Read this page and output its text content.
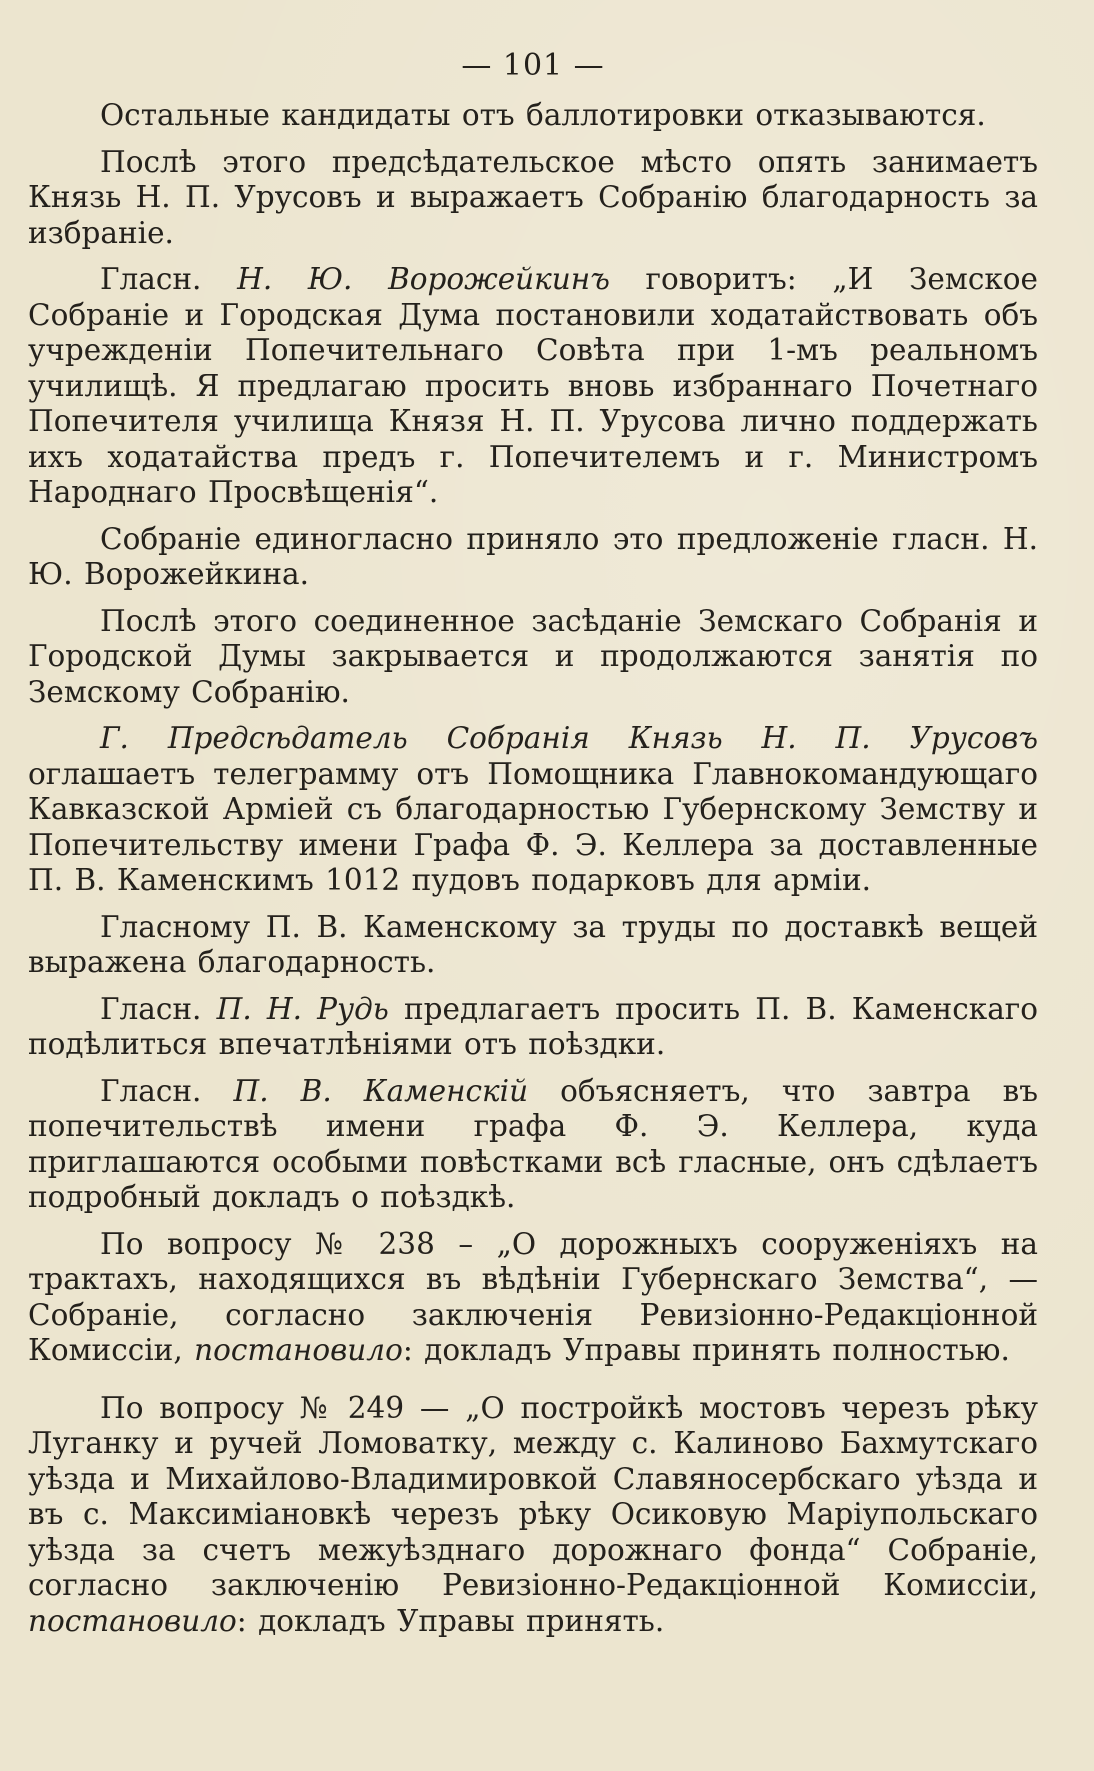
— 101 —

Остальные кандидаты отъ баллотировки отказываются.

Послѣ этого предсѣдательское мѣсто опять занимаетъ Князь Н. П. Урусовъ и выражаетъ Собранію благодарность за избраніе.

Гласн. Н. Ю. Ворожейкинъ говоритъ: „И Земское Собраніе и Городская Дума постановили ходатайствовать объ учрежденіи Попечительнаго Совѣта при 1-мъ реальномъ училищѣ. Я предлагаю просить вновь избраннаго Почетнаго Попечителя училища Князя Н. П. Урусова лично поддержать ихъ ходатайства предъ г. Попечителемъ и г. Министромъ Народнаго Просвѣщенія“.

Собраніе единогласно приняло это предложеніе гласн. Н. Ю. Ворожейкина.

Послѣ этого соединенное засѣданіе Земскаго Собранія и Городской Думы закрывается и продолжаются занятія по Земскому Собранію.

Г. Предсѣдатель Собранія Князь Н. П. Урусовъ оглашаетъ телеграмму отъ Помощника Главнокомандующаго Кавказской Арміей съ благодарностью Губернскому Земству и Попечительству имени Графа Ф. Э. Келлера за доставленные П. В. Каменскимъ 1012 пудовъ подарковъ для арміи.

Гласному П. В. Каменскому за труды по доставкѣ вещей выражена благодарность.

Гласн. П. Н. Рудь предлагаетъ просить П. В. Каменскаго подѣлиться впечатлѣніями отъ поѣздки.

Гласн. П. В. Каменскій объясняетъ, что завтра въ попечительствѣ имени графа Ф. Э. Келлера, куда приглашаются особыми повѣстками всѣ гласные, онъ сдѣлаетъ подробный докладъ о поѣздкѣ.

По вопросу № 238 – „О дорожныхъ сооруженіяхъ на трактахъ, находящихся въ вѣдѣніи Губернскаго Земства“, — Собраніе, согласно заключенія Ревизіонно-Редакціонной Комиссіи, постановило: докладъ Управы принять полностью.

По вопросу № 249 — „О постройкѣ мостовъ черезъ рѣку Луганку и ручей Ломоватку, между с. Калиново Бахмутскаго уѣзда и Михайлово-Владимировкой Славяносербскаго уѣзда и въ с. Максиміановкѣ черезъ рѣку Осиковую Маріупольскаго уѣзда за счетъ межуѣзднаго дорожнаго фонда“ Собраніе, согласно заключенію Ревизіонно-Редакціонной Комиссіи, постановило: докладъ Управы принять.
